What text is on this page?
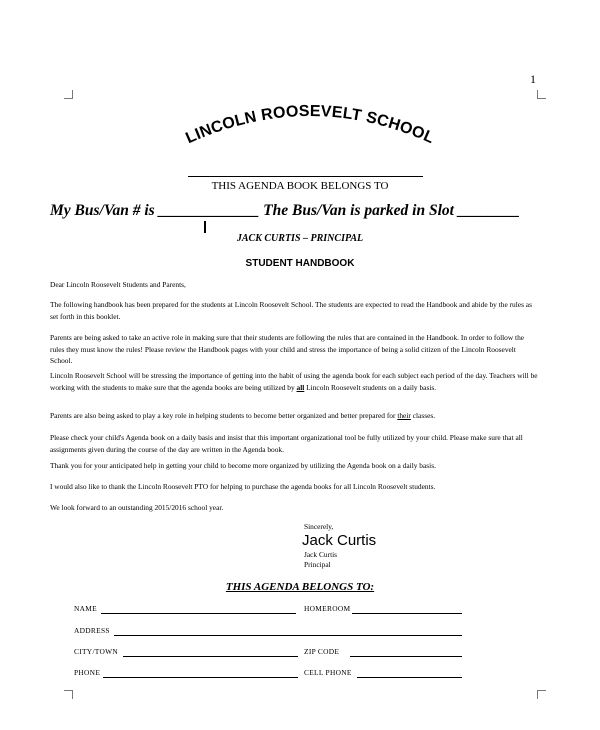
1
LINCOLN ROOSEVELT SCHOOL
THIS AGENDA BOOK BELONGS TO
My Bus/Van # is _____________ The Bus/Van is parked in Slot ________
JACK CURTIS – PRINCIPAL
STUDENT HANDBOOK
Dear Lincoln Roosevelt Students and Parents,
The following handbook has been prepared for the students at Lincoln Roosevelt School. The students are expected to read the Handbook and abide by the rules as set forth in this booklet.
Parents are being asked to take an active role in making sure that their students are following the rules that are contained in the Handbook. In order to follow the rules they must know the rules! Please review the Handbook pages with your child and stress the importance of being a solid citizen of the Lincoln Roosevelt School.

Lincoln Roosevelt School will be stressing the importance of getting into the habit of using the agenda book for each subject each period of the day. Teachers will be working with the students to make sure that the agenda books are being utilized by all Lincoln Roosevelt students on a daily basis.

Parents are also being asked to play a key role in helping students to become better organized and better prepared for their classes.

Please check your child's Agenda book on a daily basis and insist that this important organizational tool be fully utilized by your child. Please make sure that all assignments given during the course of the day are written in the Agenda book.
Thank you for your anticipated help in getting your child to become more organized by utilizing the Agenda book on a daily basis.
I would also like to thank the Lincoln Roosevelt PTO for helping to purchase the agenda books for all Lincoln Roosevelt students.
We look forward to an outstanding 2015/2016 school year.
Sincerely,
Jack Curtis
Jack Curtis
Principal
THIS AGENDA BELONGS TO:
NAME	HOMEROOM
ADDRESS
CITY/TOWN	ZIP CODE
PHONE	CELL PHONE
